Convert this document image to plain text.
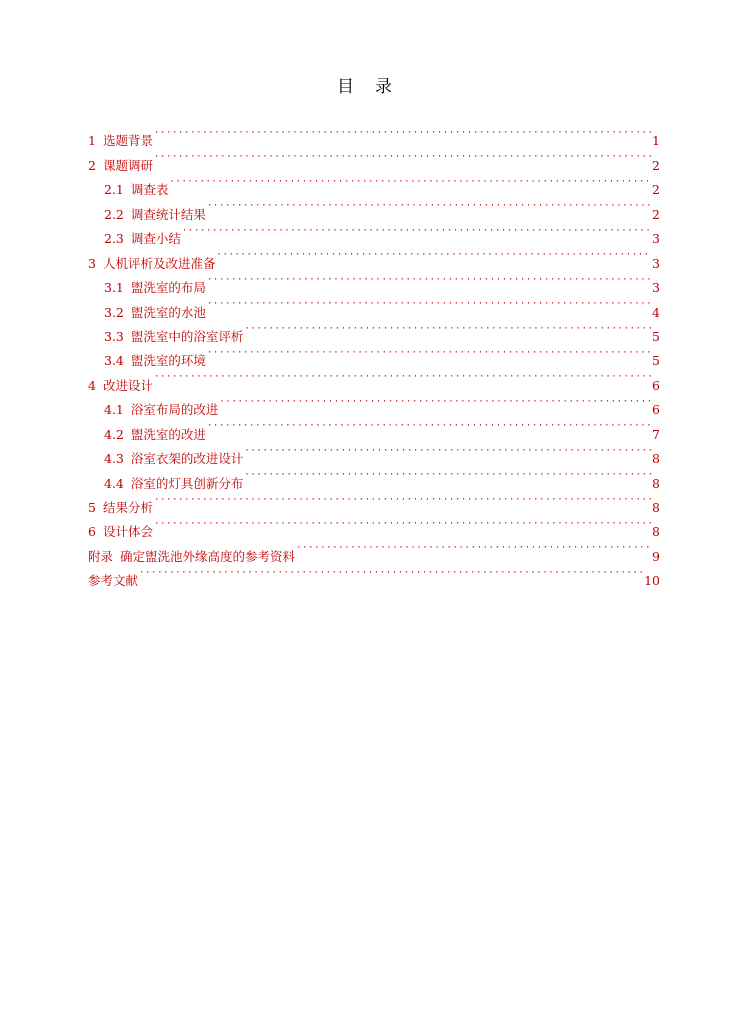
目 录
1 选题背景 ·····	1
2 课题调研 ·····	2
2.1 调查表 ·····	2
2.2 调查统计结果 ·····	2
2.3 调查小结 ·····	3
3 人机评析及改进准备 ·····	3
3.1 盥洗室的布局 ·····	3
3.2 盥洗室的水池 ·····	4
3.3 盥洗室中的浴室评析 ·····	5
3.4 盥洗室的环境 ·····	5
4 改进设计 ·····	6
4.1 浴室布局的改进 ·····	6
4.2 盥洗室的改进 ·····	7
4.3 浴室衣架的改进设计 ·····	8
4.4 浴室的灯具创新分布 ·····	8
5 结果分析 ·····	8
6 设计体会 ·····	8
附录 确定盥洗池外缘高度的参考资料 ·····	9
参考文献 ·····	10
